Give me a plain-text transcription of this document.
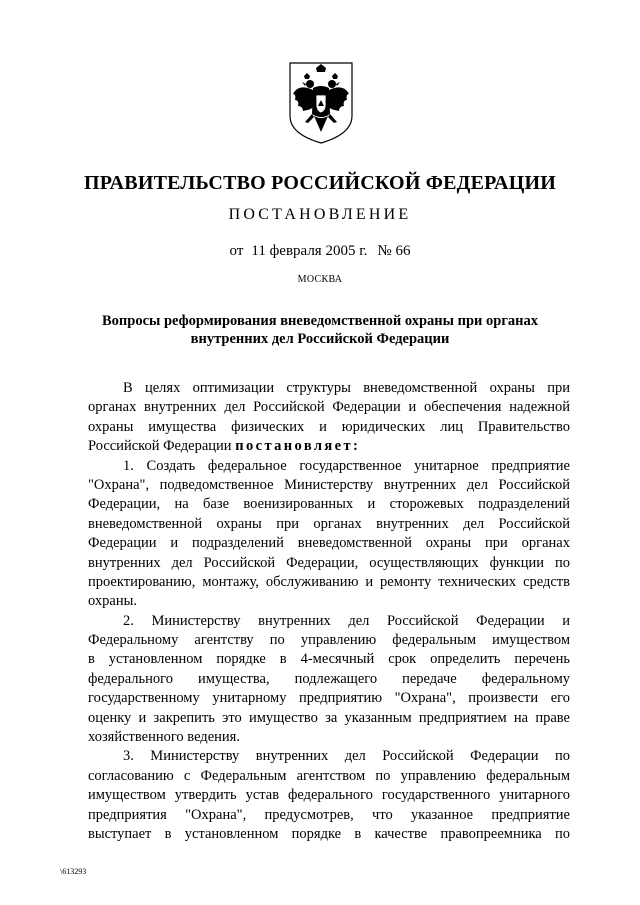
ПРАВИТЕЛЬСТВО РОССИЙСКОЙ ФЕДЕРАЦИИ
ПОСТАНОВЛЕНИЕ
от 11 февраля 2005 г. № 66
МОСКВА
Вопросы реформирования вневедомственной охраны при органах
внутренних дел Российской Федерации
В целях оптимизации структуры вневедомственной охраны при
органах внутренних дел Российской Федерации и обеспечения надежной
охраны имущества физических и юридических лиц Правительство
Российской Федерации постановляет:
1. Создать федеральное государственное унитарное предприятие
"Охрана", подведомственное Министерству внутренних дел Российской
Федерации, на базе военизированных и сторожевых подразделений
вневедомственной охраны при органах внутренних дел Российской
Федерации и подразделений вневедомственной охраны при органах
внутренних дел Российской Федерации, осуществляющих функции по
проектированию, монтажу, обслуживанию и ремонту технических средств
охраны.
2. Министерству внутренних дел Российской Федерации и
Федеральному агентству по управлению федеральным имуществом
в установленном порядке в 4-месячный срок определить перечень
федерального имущества, подлежащего передаче федеральному
государственному унитарному предприятию "Охрана", произвести его
оценку и закрепить это имущество за указанным предприятием на праве
хозяйственного ведения.
3. Министерству внутренних дел Российской Федерации по
согласованию с Федеральным агентством по управлению федеральным
имуществом утвердить устав федерального государственного унитарного
предприятия "Охрана", предусмотрев, что указанное предприятие
выступает в установленном порядке в качестве правопреемника по
\613293
